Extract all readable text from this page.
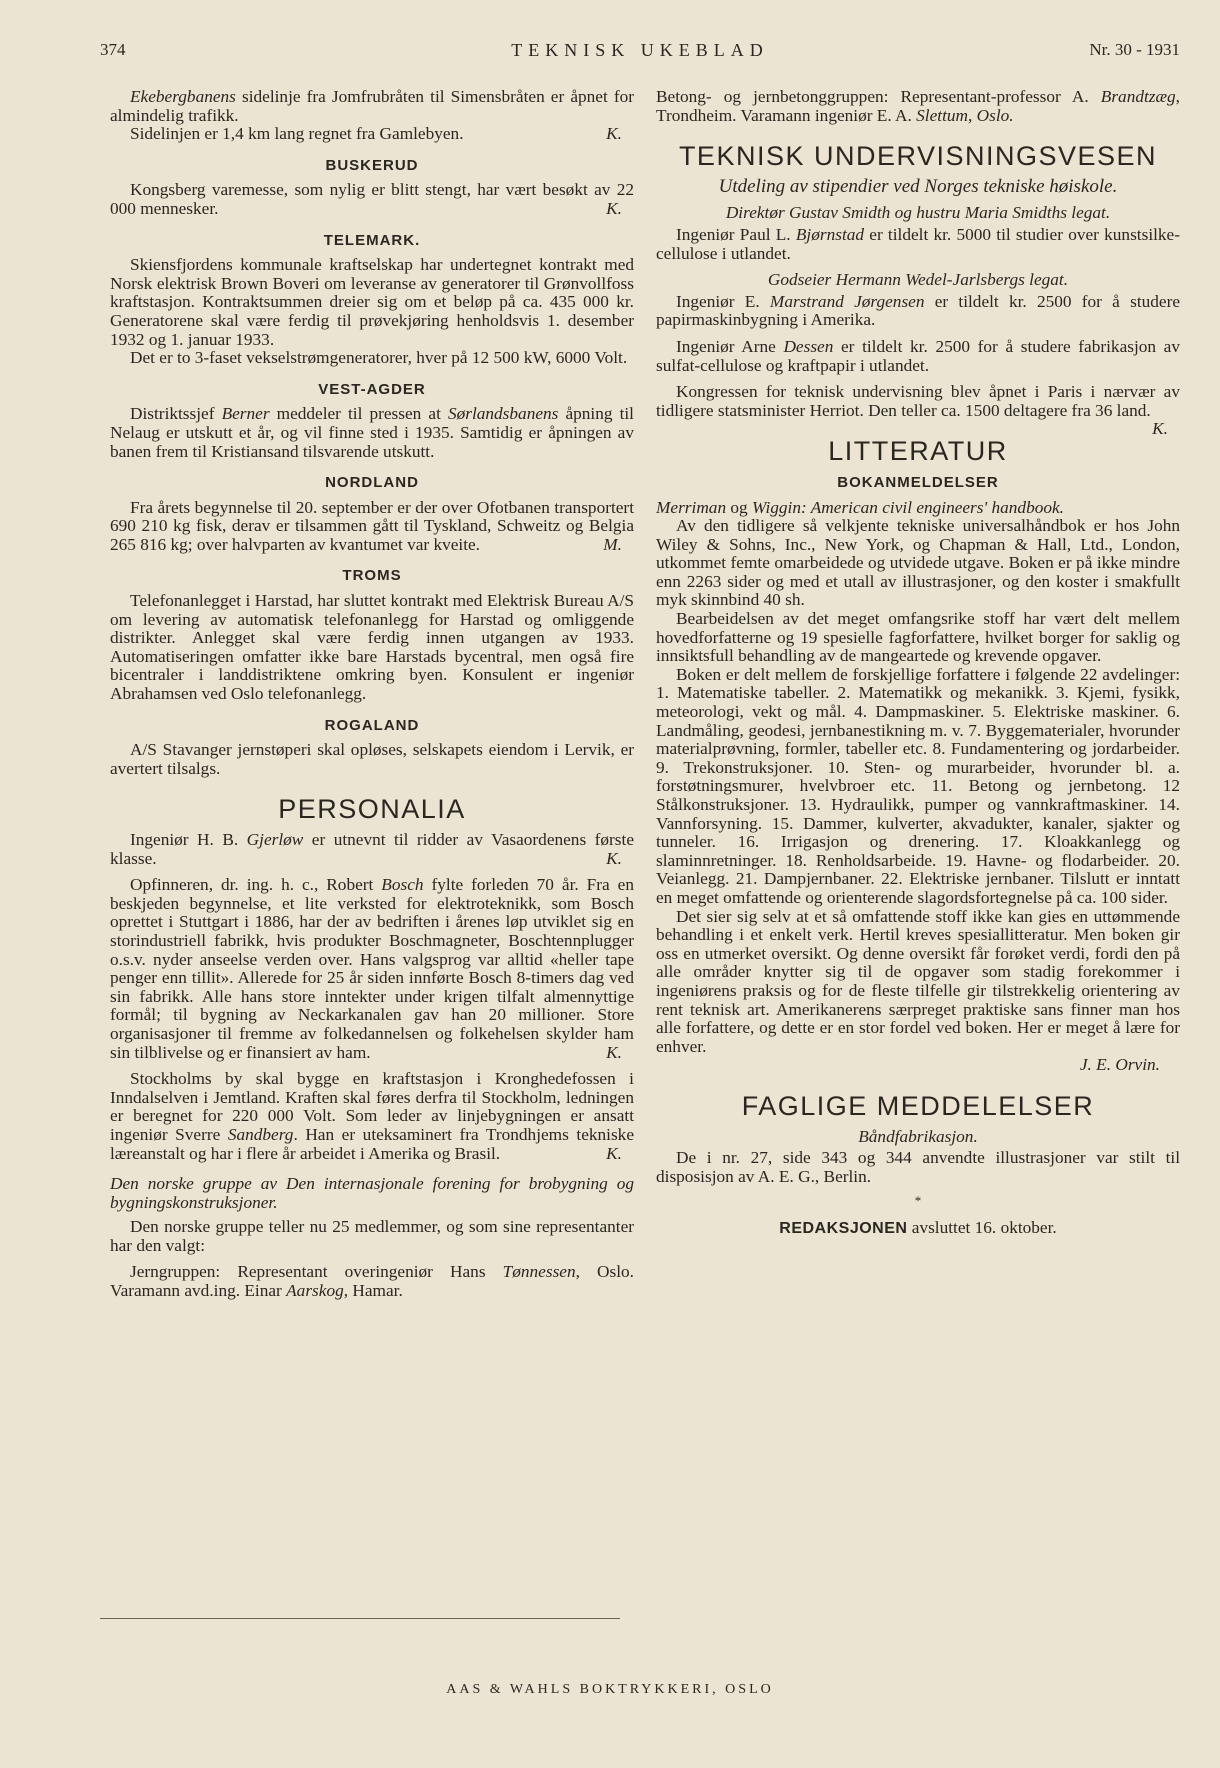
374	TEKNISK UKEBLAD	Nr. 30 - 1931

Ekebergbanens sidelinje fra Jomfrubråten til Simensbråten er åpnet for almindelig trafikk.

Sidelinjen er 1,4 km lang regnet fra Gamlebyen.	K.

BUSKERUD

Kongsberg varemesse, som nylig er blitt stengt, har vært besøkt av 22 000 mennesker.	K.

TELEMARK.

Skiensfjordens kommunale kraftselskap har undertegnet kontrakt med Norsk elektrisk Brown Boveri om leveranse av generatorer til Grønvollfoss kraftstasjon. Kontraktsummen dreier sig om et beløp på ca. 435 000 kr. Generatorene skal være ferdig til prøvekjøring henholdsvis 1. desember 1932 og 1. januar 1933.

Det er to 3-faset vekselstrømgeneratorer, hver på 12 500 kW, 6000 Volt.

VEST-AGDER

Distriktssjef Berner meddeler til pressen at Sørlandsbanens åpning til Nelaug er utskutt et år, og vil finne sted i 1935. Samtidig er åpningen av banen frem til Kristiansand tilsvarende utskutt.

NORDLAND

Fra årets begynnelse til 20. september er der over Ofotbanen transportert 690 210 kg fisk, derav er tilsammen gått til Tyskland, Schweitz og Belgia 265 816 kg; over halvparten av kvantumet var kveite.	M.

TROMS

Telefonanlegget i Harstad, har sluttet kontrakt med Elektrisk Bureau A/S om levering av automatisk telefonanlegg for Harstad og omliggende distrikter. Anlegget skal være ferdig innen utgangen av 1933. Automatiseringen omfatter ikke bare Harstads bycentral, men også fire bicentraler i landdistriktene omkring byen. Konsulent er ingeniør Abrahamsen ved Oslo telefonanlegg.

ROGALAND

A/S Stavanger jernstøperi skal opløses, selskapets eiendom i Lervik, er avertert tilsalgs.

PERSONALIA

Ingeniør H. B. Gjerløw er utnevnt til ridder av Vasaordenens første klasse.	K.

Opfinneren, dr. ing. h. c., Robert Bosch fylte forleden 70 år. Fra en beskjeden begynnelse, et lite verksted for elektroteknikk, som Bosch oprettet i Stuttgart i 1886, har der av bedriften i årenes løp utviklet sig en storindustriell fabrikk, hvis produkter Boschmagneter, Boschtennplugger o.s.v. nyder anseelse verden over. Hans valgsprog var alltid «heller tape penger enn tillit». Allerede for 25 år siden innførte Bosch 8-timers dag ved sin fabrikk. Alle hans store inntekter under krigen tilfalt almennyttige formål; til bygning av Neckarkanalen gav han 20 millioner. Store organisasjoner til fremme av folkedannelsen og folkehelsen skylder ham sin tilblivelse og er finansiert av ham.	K.

Stockholms by skal bygge en kraftstasjon i Kronghedefossen i Inndalselven i Jemtland. Kraften skal føres derfra til Stockholm, ledningen er beregnet for 220 000 Volt. Som leder av linjebygningen er ansatt ingeniør Sverre Sandberg. Han er uteksaminert fra Trondhjems tekniske læreanstalt og har i flere år arbeidet i Amerika og Brasil.	K.

Den norske gruppe av Den internasjonale forening for brobygning og bygningskonstruksjoner.

Den norske gruppe teller nu 25 medlemmer, og som sine representanter har den valgt:

Jerngruppen: Representant overingeniør Hans Tønnessen, Oslo. Varamann avd.ing. Einar Aarskog, Hamar.

Betong- og jernbetonggruppen: Representant-professor A. Brandtzæg, Trondheim. Varamann ingeniør E. A. Slettum, Oslo.

TEKNISK UNDERVISNINGSVESEN
Utdeling av stipendier ved Norges tekniske høiskole.
Direktør Gustav Smidth og hustru Maria Smidths legat.

Ingeniør Paul L. Bjørnstad er tildelt kr. 5000 til studier over kunstsilke-cellulose i utlandet.

Godseier Hermann Wedel-Jarlsbergs legat.

Ingeniør E. Marstrand Jørgensen er tildelt kr. 2500 for å studere papirmaskinbygning i Amerika.

Ingeniør Arne Dessen er tildelt kr. 2500 for å studere fabrikasjon av sulfat-cellulose og kraftpapir i utlandet.

Kongressen for teknisk undervisning blev åpnet i Paris i nærvær av tidligere statsminister Herriot. Den teller ca. 1500 deltagere fra 36 land.
K.

LITTERATUR
BOKANMELDELSER

Merriman og Wiggin: American civil engineers' handbook.

Av den tidligere så velkjente tekniske universalhåndbok er hos John Wiley & Sohns, Inc., New York, og Chapman & Hall, Ltd., London, utkommet femte omarbeidede og utvidede utgave. Boken er på ikke mindre enn 2263 sider og med et utall av illustrasjoner, og den koster i smakfullt myk skinnbind 40 sh.

Bearbeidelsen av det meget omfangsrike stoff har vært delt mellem hovedforfatterne og 19 spesielle fagforfattere, hvilket borger for saklig og innsiktsfull behandling av de mangeartede og krevende opgaver.

Boken er delt mellem de forskjellige forfattere i følgende 22 avdelinger: 1. Matematiske tabeller. 2. Matematikk og mekanikk. 3. Kjemi, fysikk, meteorologi, vekt og mål. 4. Dampmaskiner. 5. Elektriske maskiner. 6. Landmåling, geodesi, jernbanestikning m. v. 7. Byggematerialer, hvorunder materialprøvning, formler, tabeller etc. 8. Fundamentering og jordarbeider. 9. Trekonstruksjoner. 10. Sten- og murarbeider, hvorunder bl. a. forstøtningsmurer, hvelvbroer etc. 11. Betong og jernbetong. 12 Stålkonstruksjoner. 13. Hydraulikk, pumper og vannkraftmaskiner. 14. Vannforsyning. 15. Dammer, kulverter, akvadukter, kanaler, sjakter og tunneler. 16. Irrigasjon og drenering. 17. Kloakkanlegg og slaminnretninger. 18. Renholdsarbeide. 19. Havne- og flodarbeider. 20. Veianlegg. 21. Dampjernbaner. 22. Elektriske jernbaner. Tilslutt er inntatt en meget omfattende og orienterende slagordsfortegnelse på ca. 100 sider.

Det sier sig selv at et så omfattende stoff ikke kan gies en uttømmende behandling i et enkelt verk. Hertil kreves spesiallitteratur. Men boken gir oss en utmerket oversikt. Og denne oversikt får forøket verdi, fordi den på alle områder knytter sig til de opgaver som stadig forekommer i ingeniørens praksis og for de fleste tilfelle gir tilstrekkelig orientering av rent teknisk art. Amerikanerens særpreget praktiske sans finner man hos alle forfattere, og dette er en stor fordel ved boken. Her er meget å lære for enhver.

J. E. Orvin.
FAGLIGE MEDDELELSER
Båndfabrikasjon.

De i nr. 27, side 343 og 344 anvendte illustrasjoner var stilt til disposisjon av A. E. G., Berlin.

*
REDAKSJONEN avsluttet 16. oktober.
AAS & WAHLS BOKTRYKKERI, OSLO
